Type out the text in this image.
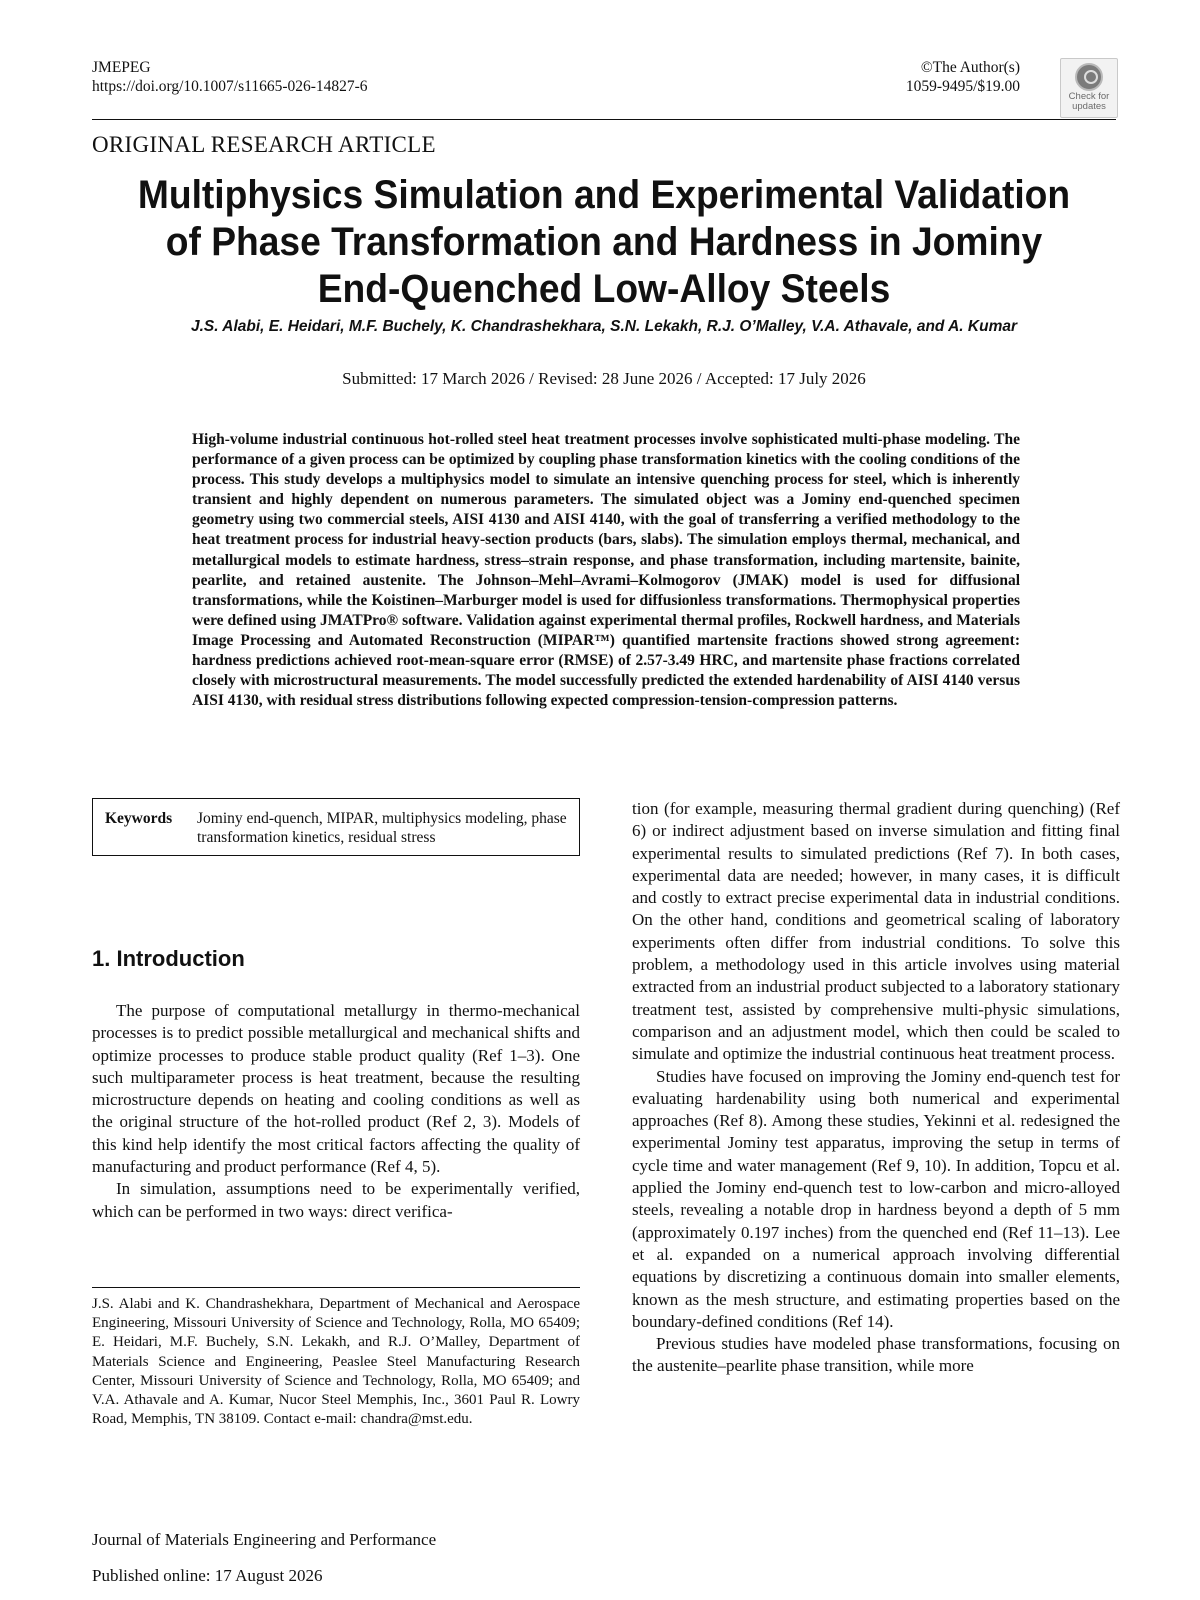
JMEPEG
https://doi.org/10.1007/s11665-026-14827-6
©The Author(s)
1059-9495/$19.00
Check for
updates
ORIGINAL RESEARCH ARTICLE
Multiphysics Simulation and Experimental Validation
of Phase Transformation and Hardness in Jominy
End-Quenched Low-Alloy Steels
J.S. Alabi, E. Heidari, M.F. Buchely, K. Chandrashekhara, S.N. Lekakh, R.J. O’Malley, V.A. Athavale, and A. Kumar
Submitted: 17 March 2026 / Revised: 28 June 2026 / Accepted: 17 July 2026
High-volume industrial continuous hot-rolled steel heat treatment processes involve sophisticated multi-phase modeling. The performance of a given process can be optimized by coupling phase transformation kinetics with the cooling conditions of the process. This study develops a multiphysics model to simulate an intensive quenching process for steel, which is inherently transient and highly dependent on numerous parameters. The simulated object was a Jominy end-quenched specimen geometry using two commercial steels, AISI 4130 and AISI 4140, with the goal of transferring a verified methodology to the heat treatment process for industrial heavy-section products (bars, slabs). The simulation employs thermal, mechanical, and metallurgical models to estimate hardness, stress–strain response, and phase transformation, including martensite, bainite, pearlite, and retained austenite. The Johnson–Mehl–Avrami–Kolmogorov (JMAK) model is used for diffusional transformations, while the Koistinen–Marburger model is used for diffusionless transformations. Thermophysical properties were defined using JMATPro® software. Validation against experimental thermal profiles, Rockwell hardness, and Materials Image Processing and Automated Reconstruction (MIPAR™) quantified martensite fractions showed strong agreement: hardness predictions achieved root-mean-square error (RMSE) of 2.57-3.49 HRC, and martensite phase fractions correlated closely with microstructural measurements. The model successfully predicted the extended hardenability of AISI 4140 versus AISI 4130, with residual stress distributions following expected compression-tension-compression patterns.
Keywords	Jominy end-quench, MIPAR, multiphysics modeling, phase transformation kinetics, residual stress
1. Introduction

The purpose of computational metallurgy in thermo-mechanical processes is to predict possible metallurgical and mechanical shifts and optimize processes to produce stable product quality (Ref 1–3). One such multiparameter process is heat treatment, because the resulting microstructure depends on heating and cooling conditions as well as the original structure of the hot-rolled product (Ref 2, 3). Models of this kind help identify the most critical factors affecting the quality of manufacturing and product performance (Ref 4, 5).

In simulation, assumptions need to be experimentally verified, which can be performed in two ways: direct verifica-

J.S. Alabi and K. Chandrashekhara, Department of Mechanical and Aerospace Engineering, Missouri University of Science and Technology, Rolla, MO 65409; E. Heidari, M.F. Buchely, S.N. Lekakh, and R.J. O’Malley, Department of Materials Science and Engineering, Peaslee Steel Manufacturing Research Center, Missouri University of Science and Technology, Rolla, MO 65409; and V.A. Athavale and A. Kumar, Nucor Steel Memphis, Inc., 3601 Paul R. Lowry Road, Memphis, TN 38109. Contact e-mail: chandra@mst.edu.

tion (for example, measuring thermal gradient during quenching) (Ref 6) or indirect adjustment based on inverse simulation and fitting final experimental results to simulated predictions (Ref 7). In both cases, experimental data are needed; however, in many cases, it is difficult and costly to extract precise experimental data in industrial conditions. On the other hand, conditions and geometrical scaling of laboratory experiments often differ from industrial conditions. To solve this problem, a methodology used in this article involves using material extracted from an industrial product subjected to a laboratory stationary treatment test, assisted by comprehensive multi-physic simulations, comparison and an adjustment model, which then could be scaled to simulate and optimize the industrial continuous heat treatment process.

Studies have focused on improving the Jominy end-quench test for evaluating hardenability using both numerical and experimental approaches (Ref 8). Among these studies, Yekinni et al. redesigned the experimental Jominy test apparatus, improving the setup in terms of cycle time and water management (Ref 9, 10). In addition, Topcu et al. applied the Jominy end-quench test to low-carbon and micro-alloyed steels, revealing a notable drop in hardness beyond a depth of 5 mm (approximately 0.197 inches) from the quenched end (Ref 11–13). Lee et al. expanded on a numerical approach involving differential equations by discretizing a continuous domain into smaller elements, known as the mesh structure, and estimating properties based on the boundary-defined conditions (Ref 14).

Previous studies have modeled phase transformations, focusing on the austenite–pearlite phase transition, while more

Journal of Materials Engineering and Performance
Published online: 17 August 2026
